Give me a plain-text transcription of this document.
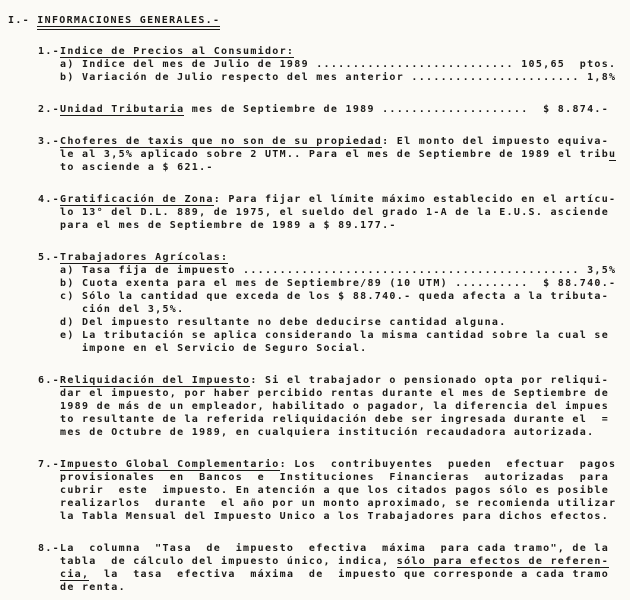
I.- INFORMACIONES GENERALES.-
1.- Indice de Precios al Consumidor:
a) Indice del mes de Julio de 1989 ........................... 105,65  ptos.
b) Variación de Julio respecto del mes anterior ....................... 1,8%
2.- Unidad Tributaria mes de Septiembre de 1989 ....................  $ 8.874.-
3.- Choferes de taxis que no son de su propiedad: El monto del impuesto equiva-
le al 3,5% aplicado sobre 2 UTM.. Para el mes de Septiembre de 1989 el tribu
to asciende a $ 621.-
4.- Gratificación de Zona: Para fijar el límite máximo establecido en el artícu-
lo 13° del D.L. 889, de 1975, el sueldo del grado 1-A de la E.U.S. asciende
para el mes de Septiembre de 1989 a $ 89.177.-
5.- Trabajadores Agrícolas:
a) Tasa fija de impuesto .............................................. 3,5%
b) Cuota exenta para el mes de Septiembre/89 (10 UTM) ..........  $ 88.740.-
c) Sólo la cantidad que exceda de los $ 88.740.- queda afecta a la tributa-
ción del 3,5%.
d) Del impuesto resultante no debe deducirse cantidad alguna.
e) La tributación se aplica considerando la misma cantidad sobre la cual se
impone en el Servicio de Seguro Social.
6.- Reliquidación del Impuesto: Si el trabajador o pensionado opta por reliqui-
dar el impuesto, por haber percibido rentas durante el mes de Septiembre de
1989 de más de un empleador, habilitado o pagador, la diferencia del impues
to resultante de la referida reliquidación debe ser ingresada durante el  =
mes de Octubre de 1989, en cualquiera institución recaudadora autorizada.
7.- Impuesto Global Complementario: Los  contribuyentes  pueden  efectuar  pagos
provisionales  en  Bancos  e  Instituciones  Financieras  autorizadas  para
cubrir  este  impuesto. En atención a que los citados pagos sólo es posible
realizarlos  durante  el año por un monto aproximado, se recomienda utilizar
la Tabla Mensual del Impuesto Unico a los Trabajadores para dichos efectos.
8.- La  columna  "Tasa  de  impuesto  efectiva  máxima  para cada tramo", de la
tabla  de cálculo del impuesto único, indica, sólo para efectos de referen-
cia,  la  tasa  efectiva  máxima  de  impuesto que corresponde a cada tramo
de renta.
